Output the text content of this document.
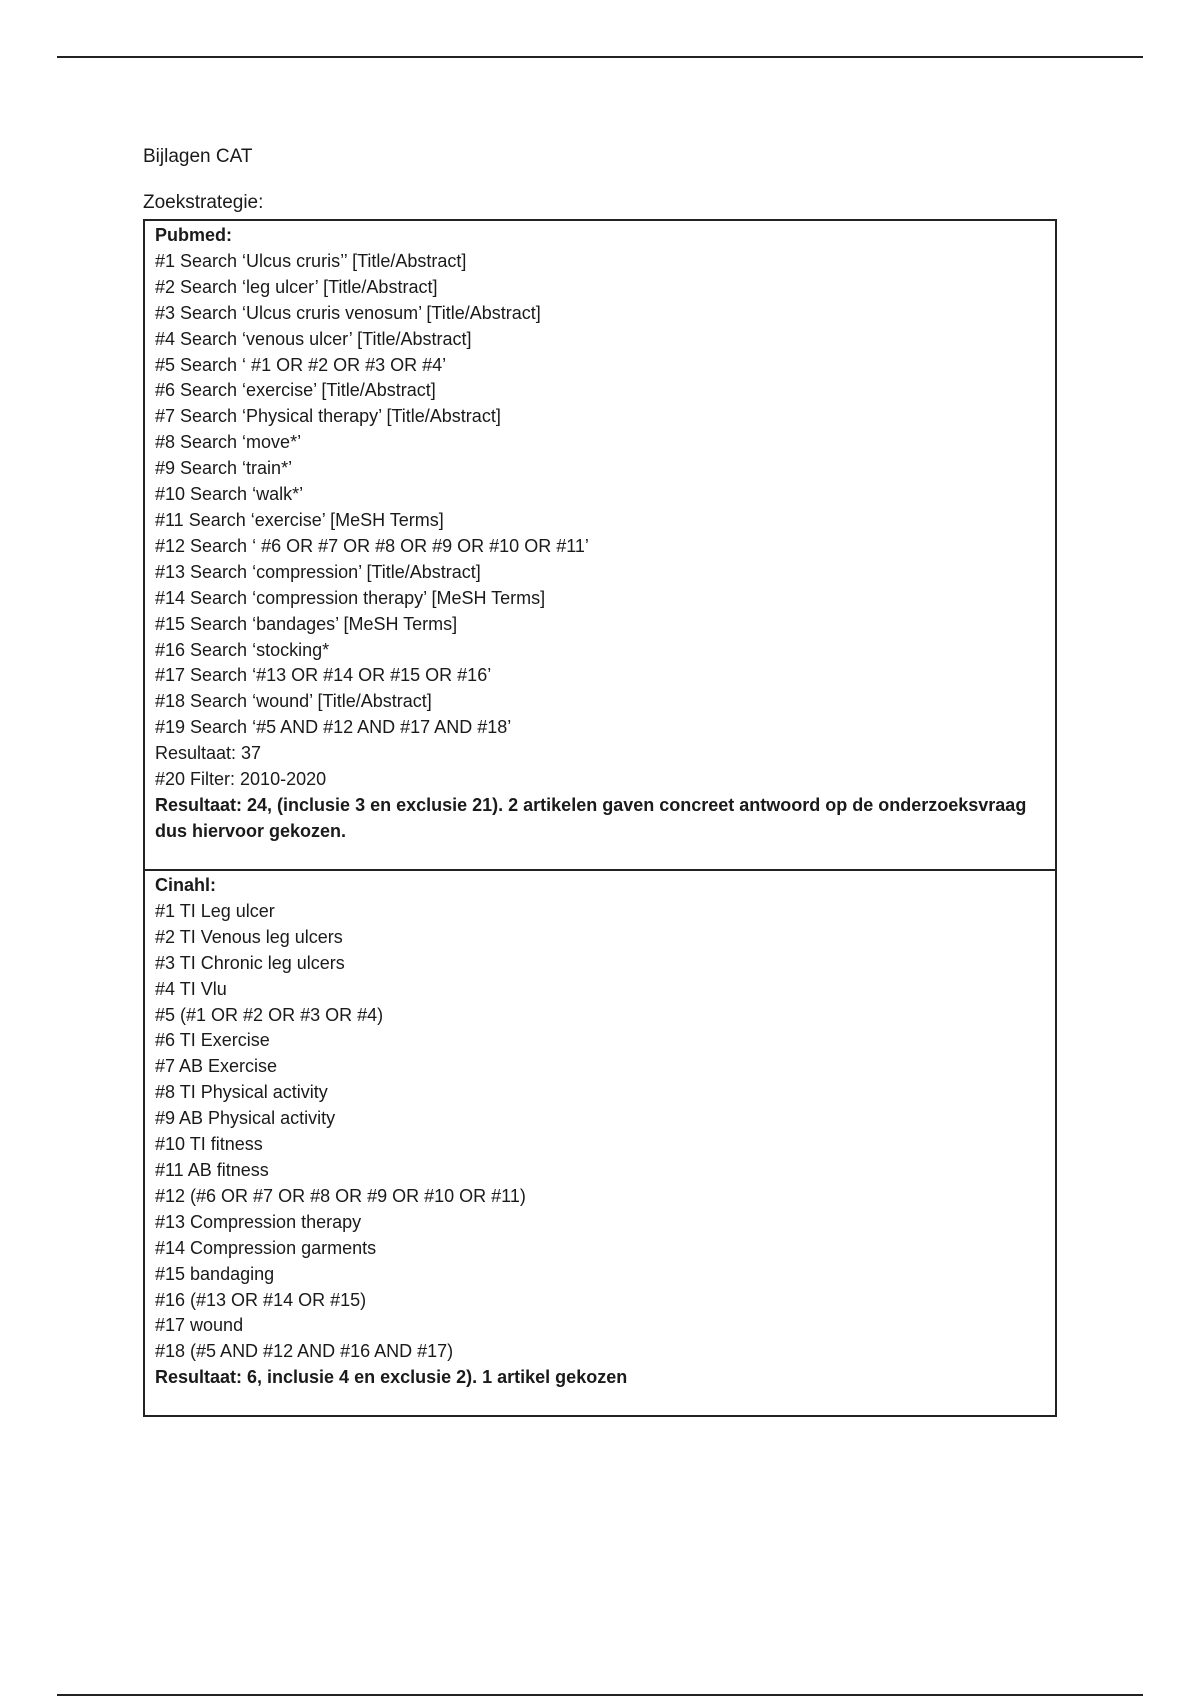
Bijlagen CAT
Zoekstrategie:
Pubmed:
#1 Search ‘Ulcus cruris’’ [Title/Abstract]
#2 Search ‘leg ulcer’ [Title/Abstract]
#3 Search ‘Ulcus cruris venosum’ [Title/Abstract]
#4 Search ‘venous ulcer’ [Title/Abstract]
#5 Search ‘ #1 OR #2 OR #3 OR #4’
#6 Search ‘exercise’ [Title/Abstract]
#7 Search ‘Physical therapy’ [Title/Abstract]
#8 Search ‘move*’
#9 Search ‘train*’
#10 Search ‘walk*’
#11 Search ‘exercise’ [MeSH Terms]
#12 Search ‘ #6 OR #7 OR #8 OR #9 OR #10 OR #11’
#13 Search ‘compression’ [Title/Abstract]
#14 Search ‘compression therapy’ [MeSH Terms]
#15 Search ‘bandages’ [MeSH Terms]
#16 Search ‘stocking*
#17 Search ‘#13 OR #14 OR #15 OR #16’
#18 Search ‘wound’ [Title/Abstract]
#19 Search ‘#5 AND #12 AND #17 AND #18’
Resultaat: 37
#20 Filter: 2010-2020
Resultaat: 24, (inclusie 3 en exclusie 21). 2 artikelen gaven concreet antwoord op de onderzoeksvraag
dus hiervoor gekozen.
Cinahl:
#1 TI Leg ulcer
#2 TI Venous leg ulcers
#3 TI Chronic leg ulcers
#4 TI Vlu
#5 (#1 OR #2 OR #3 OR #4)
#6 TI Exercise
#7 AB Exercise
#8 TI Physical activity
#9 AB Physical activity
#10 TI fitness
#11 AB fitness
#12 (#6 OR #7 OR #8 OR #9 OR #10 OR #11)
#13 Compression therapy
#14 Compression garments
#15 bandaging
#16 (#13 OR #14 OR #15)
#17 wound
#18 (#5 AND #12 AND #16 AND #17)
Resultaat: 6, inclusie 4 en exclusie 2). 1 artikel gekozen
